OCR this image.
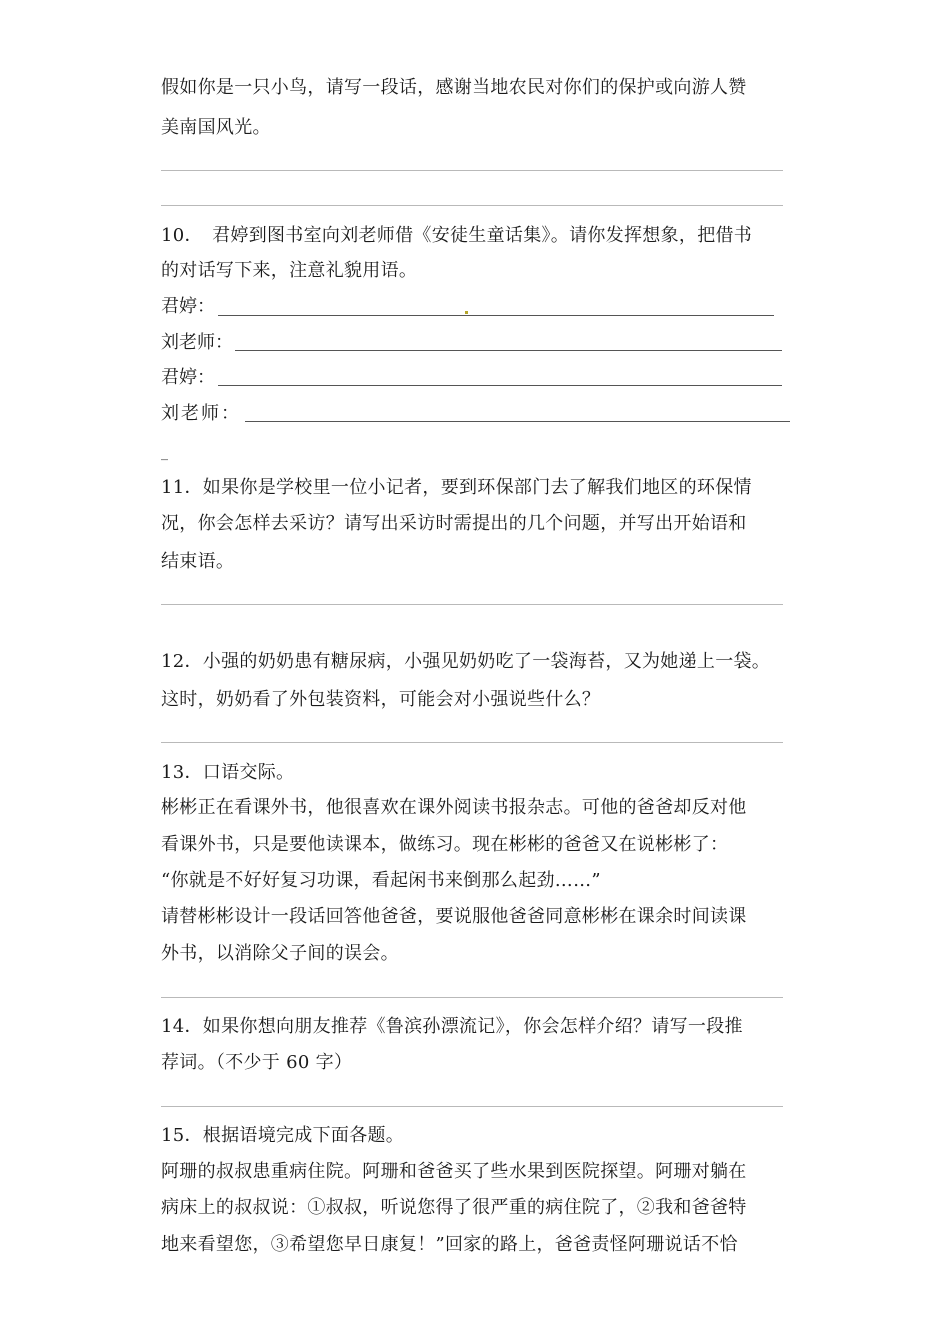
假如你是一只小鸟，请写一段话，感谢当地农民对你们的保护或向游人赞
美南国风光。
10．　君婷到图书室向刘老师借《安徒生童话集》。请你发挥想象，把借书
的对话写下来，注意礼貌用语。
君婷：
刘老师：
君婷：
刘老师：
_
11．如果你是学校里一位小记者，要到环保部门去了解我们地区的环保情
况，你会怎样去采访？请写出采访时需提出的几个问题，并写出开始语和
结束语。
12．小强的奶奶患有糖尿病，小强见奶奶吃了一袋海苔，又为她递上一袋。
这时，奶奶看了外包装资料，可能会对小强说些什么？
13．口语交际。
彬彬正在看课外书，他很喜欢在课外阅读书报杂志。可他的爸爸却反对他
看课外书，只是要他读课本，做练习。现在彬彬的爸爸又在说彬彬了：
“你就是不好好复习功课，看起闲书来倒那么起劲……”
请替彬彬设计一段话回答他爸爸，要说服他爸爸同意彬彬在课余时间读课
外书，以消除父子间的误会。
14．如果你想向朋友推荐《鲁滨孙漂流记》，你会怎样介绍？请写一段推
荐词。（不少于 60 字）
15．根据语境完成下面各题。
阿珊的叔叔患重病住院。阿珊和爸爸买了些水果到医院探望。阿珊对躺在
病床上的叔叔说：①叔叔，听说您得了很严重的病住院了，②我和爸爸特
地来看望您，③希望您早日康复！”回家的路上，爸爸责怪阿珊说话不恰
